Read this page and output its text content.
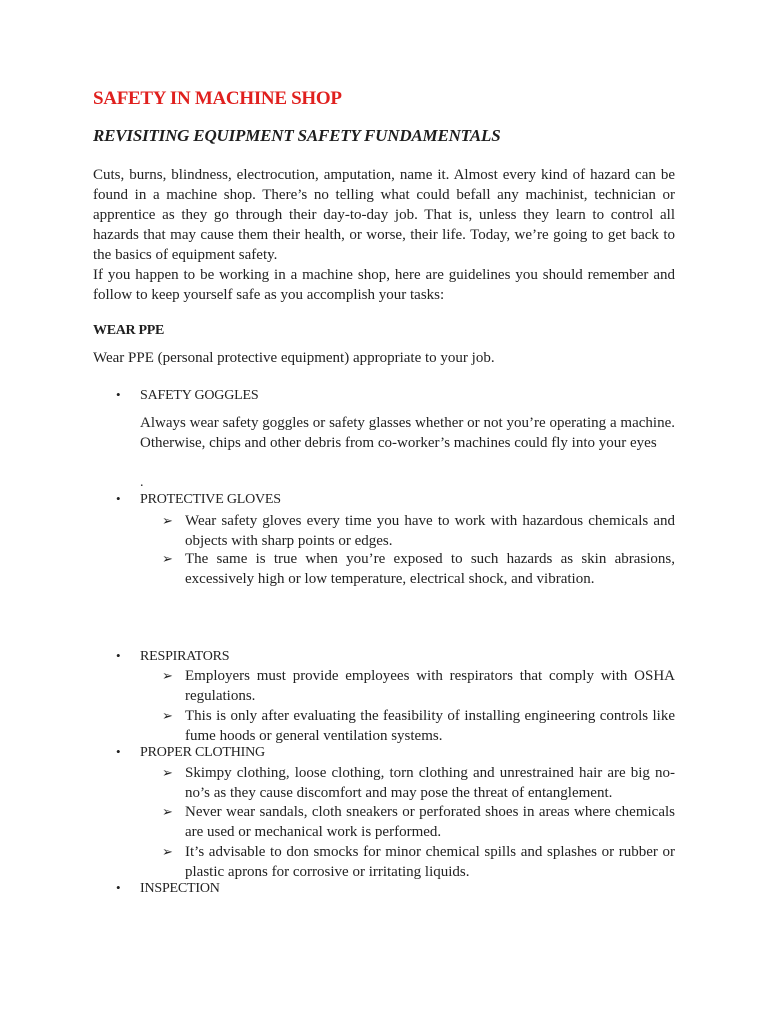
SAFETY IN MACHINE SHOP
REVISITING EQUIPMENT SAFETY FUNDAMENTALS

Cuts, burns, blindness, electrocution, amputation, name it. Almost every kind of hazard can be found in a machine shop. There’s no telling what could befall any machinist, technician or apprentice as they go through their day-to-day job. That is, unless they learn to control all hazards that may cause them their health, or worse, their life. Today, we’re going to get back to the basics of equipment safety.

If you happen to be working in a machine shop, here are guidelines you should remember and follow to keep yourself safe as you accomplish your tasks:

WEAR PPE

Wear PPE (personal protective equipment) appropriate to your job.

•	SAFETY GOGGLES

Always wear safety goggles or safety glasses whether or not you’re operating a machine. Otherwise, chips and other debris from co-worker’s machines could fly into your eyes

.
•	PROTECTIVE GLOVES
➢ Wear safety gloves every time you have to work with hazardous chemicals and objects with sharp points or edges.
➢ The same is true when you’re exposed to such hazards as skin abrasions, excessively high or low temperature, electrical shock, and vibration.
•	RESPIRATORS
➢ Employers must provide employees with respirators that comply with OSHA regulations.
➢ This is only after evaluating the feasibility of installing engineering controls like fume hoods or general ventilation systems.
•	PROPER CLOTHING
➢ Skimpy clothing, loose clothing, torn clothing and unrestrained hair are big no-no’s as they cause discomfort and may pose the threat of entanglement.
➢ Never wear sandals, cloth sneakers or perforated shoes in areas where chemicals are used or mechanical work is performed.
➢ It’s advisable to don smocks for minor chemical spills and splashes or rubber or plastic aprons for corrosive or irritating liquids.
•	INSPECTION
